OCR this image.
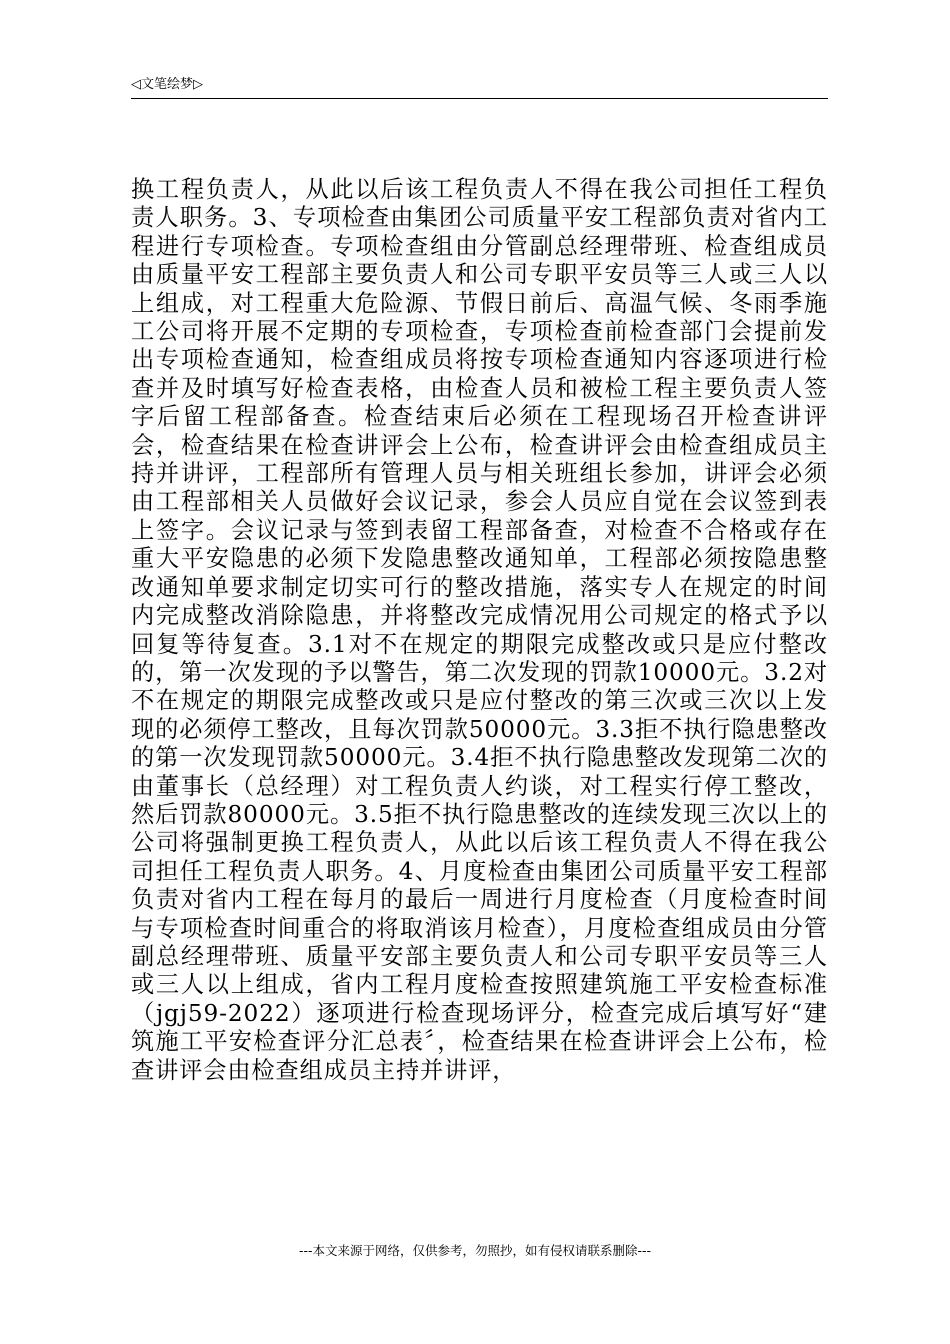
◁文笔绘梦▷
换工程负责人，从此以后该工程负责人不得在我公司担任工程负责人职务。3、专项检查由集团公司质量平安工程部负责对省内工程进行专项检查。专项检查组由分管副总经理带班、检查组成员由质量平安工程部主要负责人和公司专职平安员等三人或三人以上组成，对工程重大危险源、节假日前后、高温气候、冬雨季施工公司将开展不定期的专项检查，专项检查前检查部门会提前发出专项检查通知，检查组成员将按专项检查通知内容逐项进行检查并及时填写好检查表格，由检查人员和被检工程主要负责人签字后留工程部备查。检查结束后必须在工程现场召开检查讲评会，检查结果在检查讲评会上公布，检查讲评会由检查组成员主持并讲评，工程部所有管理人员与相关班组长参加，讲评会必须由工程部相关人员做好会议记录，参会人员应自觉在会议签到表上签字。会议记录与签到表留工程部备查，对检查不合格或存在重大平安隐患的必须下发隐患整改通知单，工程部必须按隐患整改通知单要求制定切实可行的整改措施，落实专人在规定的时间内完成整改消除隐患，并将整改完成情况用公司规定的格式予以回复等待复查。3.1对不在规定的期限完成整改或只是应付整改的，第一次发现的予以警告，第二次发现的罚款10000元。3.2对不在规定的期限完成整改或只是应付整改的第三次或三次以上发现的必须停工整改，且每次罚款50000元。3.3拒不执行隐患整改的第一次发现罚款50000元。3.4拒不执行隐患整改发现第二次的由董事长（总经理）对工程负责人约谈，对工程实行停工整改，然后罚款80000元。3.5拒不执行隐患整改的连续发现三次以上的公司将强制更换工程负责人，从此以后该工程负责人不得在我公司担任工程负责人职务。4、月度检查由集团公司质量平安工程部负责对省内工程在每月的最后一周进行月度检查（月度检查时间与专项检查时间重合的将取消该月检查），月度检查组成员由分管副总经理带班、质量平安部主要负责人和公司专职平安员等三人或三人以上组成，省内工程月度检查按照建筑施工平安检查标准（jgj59-2022）逐项进行检查现场评分，检查完成后填写好“建筑施工平安检查评分汇总表〞，检查结果在检查讲评会上公布，检查讲评会由检查组成员主持并讲评，
---本文来源于网络，仅供参考，勿照抄，如有侵权请联系删除---
